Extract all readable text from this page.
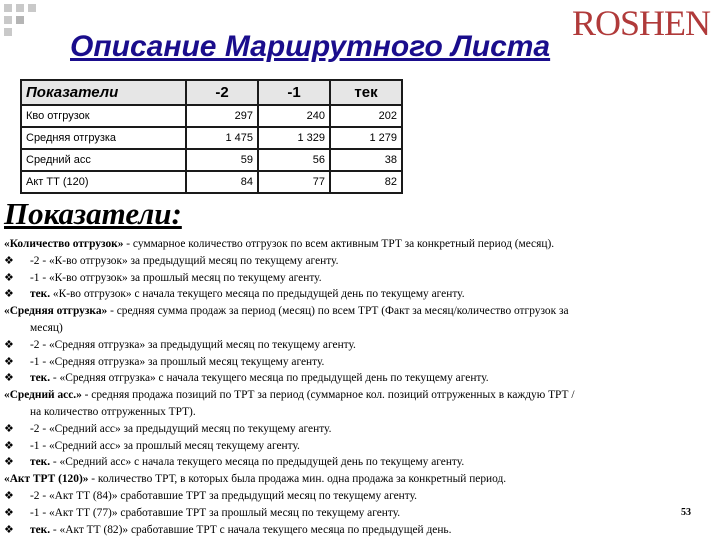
ROSHEN
Описание Маршрутного Листа
Показатели	-2	-1	тек
Кво отгрузок	297	240	202
Средняя отгрузка	1 475	1 329	1 279
Средний асс	59	56	38
Акт ТТ (120)	84	77	82
Показатели:
«Количество отгрузок» - суммарное количество отгрузок по всем активным ТРТ за конкретный период (месяц).
❖ -2 - «К-во отгрузок» за предыдущий месяц по текущему агенту.
❖ -1 - «К-во отгрузок» за прошлый месяц по текущему агенту.
❖ тек. «К-во отгрузок» с начала текущего месяца по предыдущей день по текущему агенту.
«Средняя отгрузка» - средняя сумма продаж за период (месяц) по всем ТРТ (Факт за месяц/количество отгрузок за
месяц)
❖ -2 - «Средняя отгрузка» за предыдущий месяц по текущему агенту.
❖ -1 - «Средняя отгрузка» за прошлый месяц текущему агенту.
❖ тек. - «Средняя отгрузка» с начала текущего месяца по предыдущей день по текущему агенту.
«Средний асс.» - средняя продажа позиций по ТРТ за период (суммарное кол. позиций отгруженных в каждую ТРТ /
на количество отгруженных ТРТ).
❖ -2 - «Средний асс» за предыдущий месяц по текущему агенту.
❖ -1 - «Средний асс» за прошлый месяц текущему агенту.
❖ тек. - «Средний асс» с начала текущего месяца по предыдущей день по текущему агенту.
«Акт ТРТ (120)» - количество ТРТ, в которых была продажа мин. одна продажа за конкретный период.
❖ -2 - «Акт ТТ (84)» сработавшие ТРТ за предыдущий месяц по текущему агенту.
❖ -1 - «Акт ТТ (77)» сработавшие ТРТ за прошлый месяц по текущему агенту.
❖ тек. - «Акт ТТ (82)» сработавшие ТРТ с начала текущего месяца по предыдущей день.
53
